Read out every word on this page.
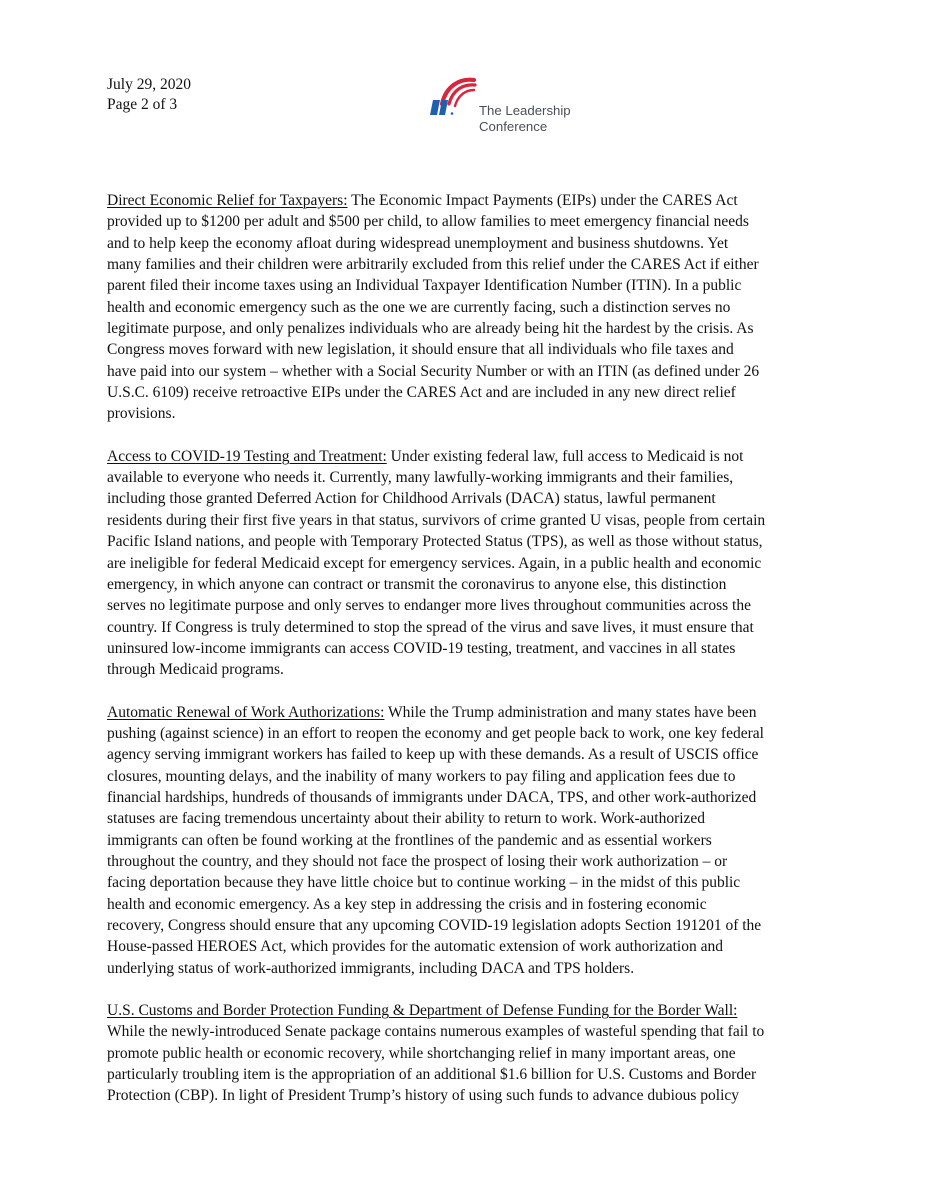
July 29, 2020
Page 2 of 3	The Leadership
Conference
Direct Economic Relief for Taxpayers: The Economic Impact Payments (EIPs) under the CARES Act
provided up to $1200 per adult and $500 per child, to allow families to meet emergency financial needs
and to help keep the economy afloat during widespread unemployment and business shutdowns. Yet
many families and their children were arbitrarily excluded from this relief under the CARES Act if either
parent filed their income taxes using an Individual Taxpayer Identification Number (ITIN). In a public
health and economic emergency such as the one we are currently facing, such a distinction serves no
legitimate purpose, and only penalizes individuals who are already being hit the hardest by the crisis. As
Congress moves forward with new legislation, it should ensure that all individuals who file taxes and
have paid into our system – whether with a Social Security Number or with an ITIN (as defined under 26
U.S.C. 6109) receive retroactive EIPs under the CARES Act and are included in any new direct relief
provisions.
Access to COVID-19 Testing and Treatment: Under existing federal law, full access to Medicaid is not
available to everyone who needs it. Currently, many lawfully-working immigrants and their families,
including those granted Deferred Action for Childhood Arrivals (DACA) status, lawful permanent
residents during their first five years in that status, survivors of crime granted U visas, people from certain
Pacific Island nations, and people with Temporary Protected Status (TPS), as well as those without status,
are ineligible for federal Medicaid except for emergency services. Again, in a public health and economic
emergency, in which anyone can contract or transmit the coronavirus to anyone else, this distinction
serves no legitimate purpose and only serves to endanger more lives throughout communities across the
country. If Congress is truly determined to stop the spread of the virus and save lives, it must ensure that
uninsured low-income immigrants can access COVID-19 testing, treatment, and vaccines in all states
through Medicaid programs.
Automatic Renewal of Work Authorizations: While the Trump administration and many states have been
pushing (against science) in an effort to reopen the economy and get people back to work, one key federal
agency serving immigrant workers has failed to keep up with these demands. As a result of USCIS office
closures, mounting delays, and the inability of many workers to pay filing and application fees due to
financial hardships, hundreds of thousands of immigrants under DACA, TPS, and other work-authorized
statuses are facing tremendous uncertainty about their ability to return to work. Work-authorized
immigrants can often be found working at the frontlines of the pandemic and as essential workers
throughout the country, and they should not face the prospect of losing their work authorization – or
facing deportation because they have little choice but to continue working – in the midst of this public
health and economic emergency. As a key step in addressing the crisis and in fostering economic
recovery, Congress should ensure that any upcoming COVID-19 legislation adopts Section 191201 of the
House-passed HEROES Act, which provides for the automatic extension of work authorization and
underlying status of work-authorized immigrants, including DACA and TPS holders.
U.S. Customs and Border Protection Funding & Department of Defense Funding for the Border Wall:
While the newly-introduced Senate package contains numerous examples of wasteful spending that fail to
promote public health or economic recovery, while shortchanging relief in many important areas, one
particularly troubling item is the appropriation of an additional $1.6 billion for U.S. Customs and Border
Protection (CBP). In light of President Trump’s history of using such funds to advance dubious policy
